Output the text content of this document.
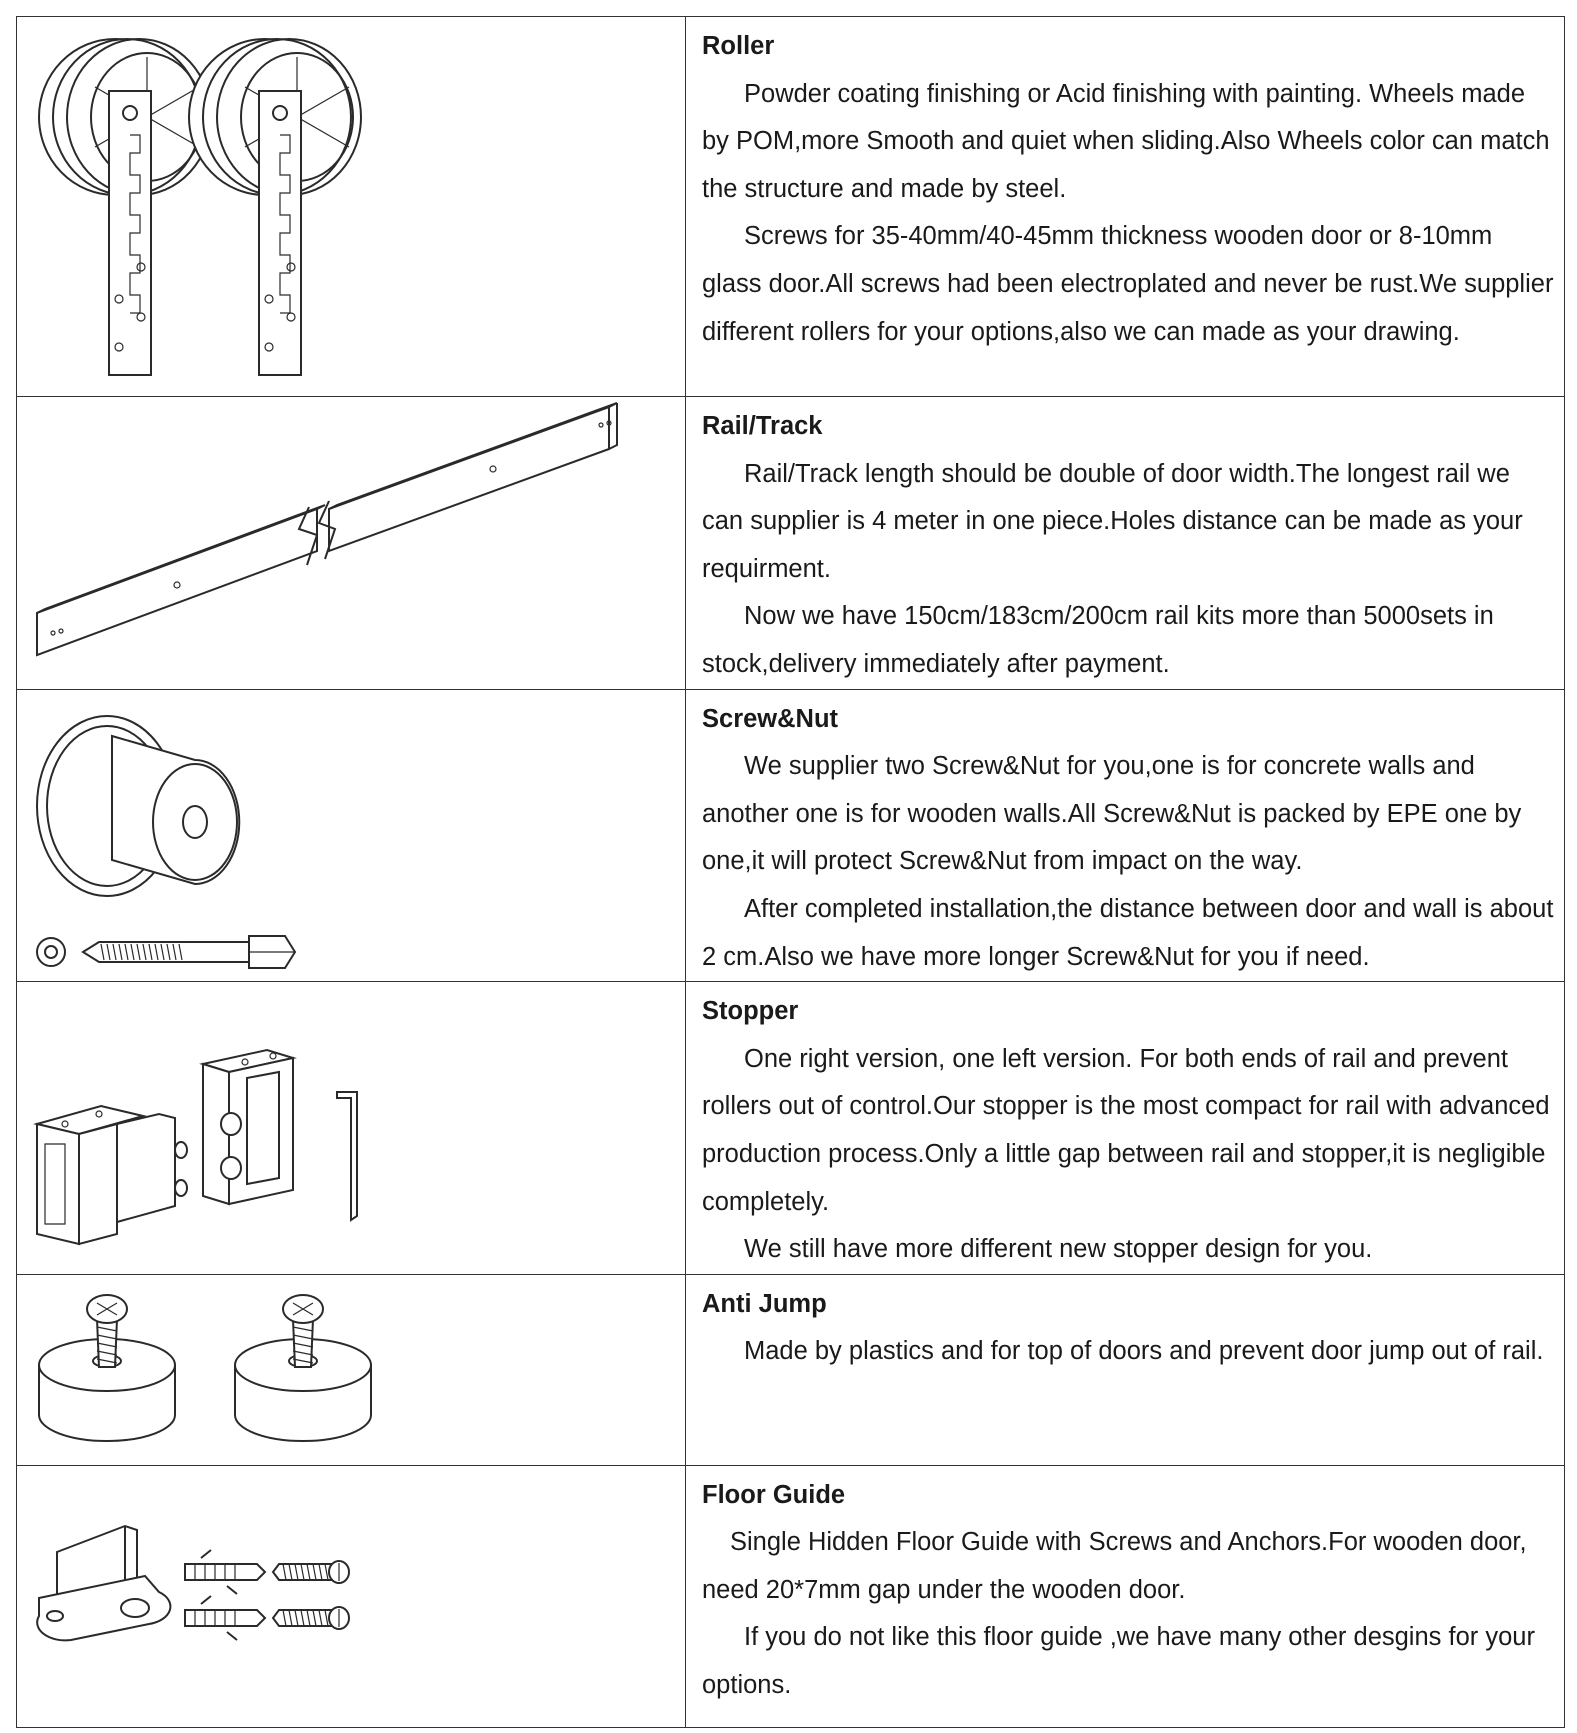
Roller
Powder coating finishing or Acid finishing with painting. Wheels made by POM,more Smooth and quiet when sliding.Also Wheels color can match the structure and made by steel.
Screws for 35-40mm/40-45mm thickness wooden door or 8-10mm glass door.All screws had been electroplated and never be rust.We supplier different rollers for your options,also we can made as your drawing.

Rail/Track
Rail/Track length should be double of door width.The longest rail we can supplier is 4 meter in one piece.Holes distance can be made as your requirment.
Now we have 150cm/183cm/200cm rail kits more than 5000sets in stock,delivery immediately after payment.

Screw&Nut
We supplier two Screw&Nut for you,one is for concrete walls and another one is for wooden walls.All Screw&Nut is packed by EPE one by one,it will protect Screw&Nut from impact on the way.
After completed installation,the distance between door and wall is about 2 cm.Also we have more longer Screw&Nut for you if need.

Stopper
One right version, one left version. For both ends of rail and prevent rollers out of control.Our stopper is the most compact for rail with advanced production process.Only a little gap between rail and stopper,it is negligible completely.
We still have more different new stopper design for you.

Anti Jump
Made by plastics and for top of doors and prevent door jump out of rail.

Floor Guide
Single Hidden Floor Guide with Screws and Anchors.For wooden door, need 20*7mm gap under the wooden door.
If you do not like this floor guide ,we have many other desgins for your options.
